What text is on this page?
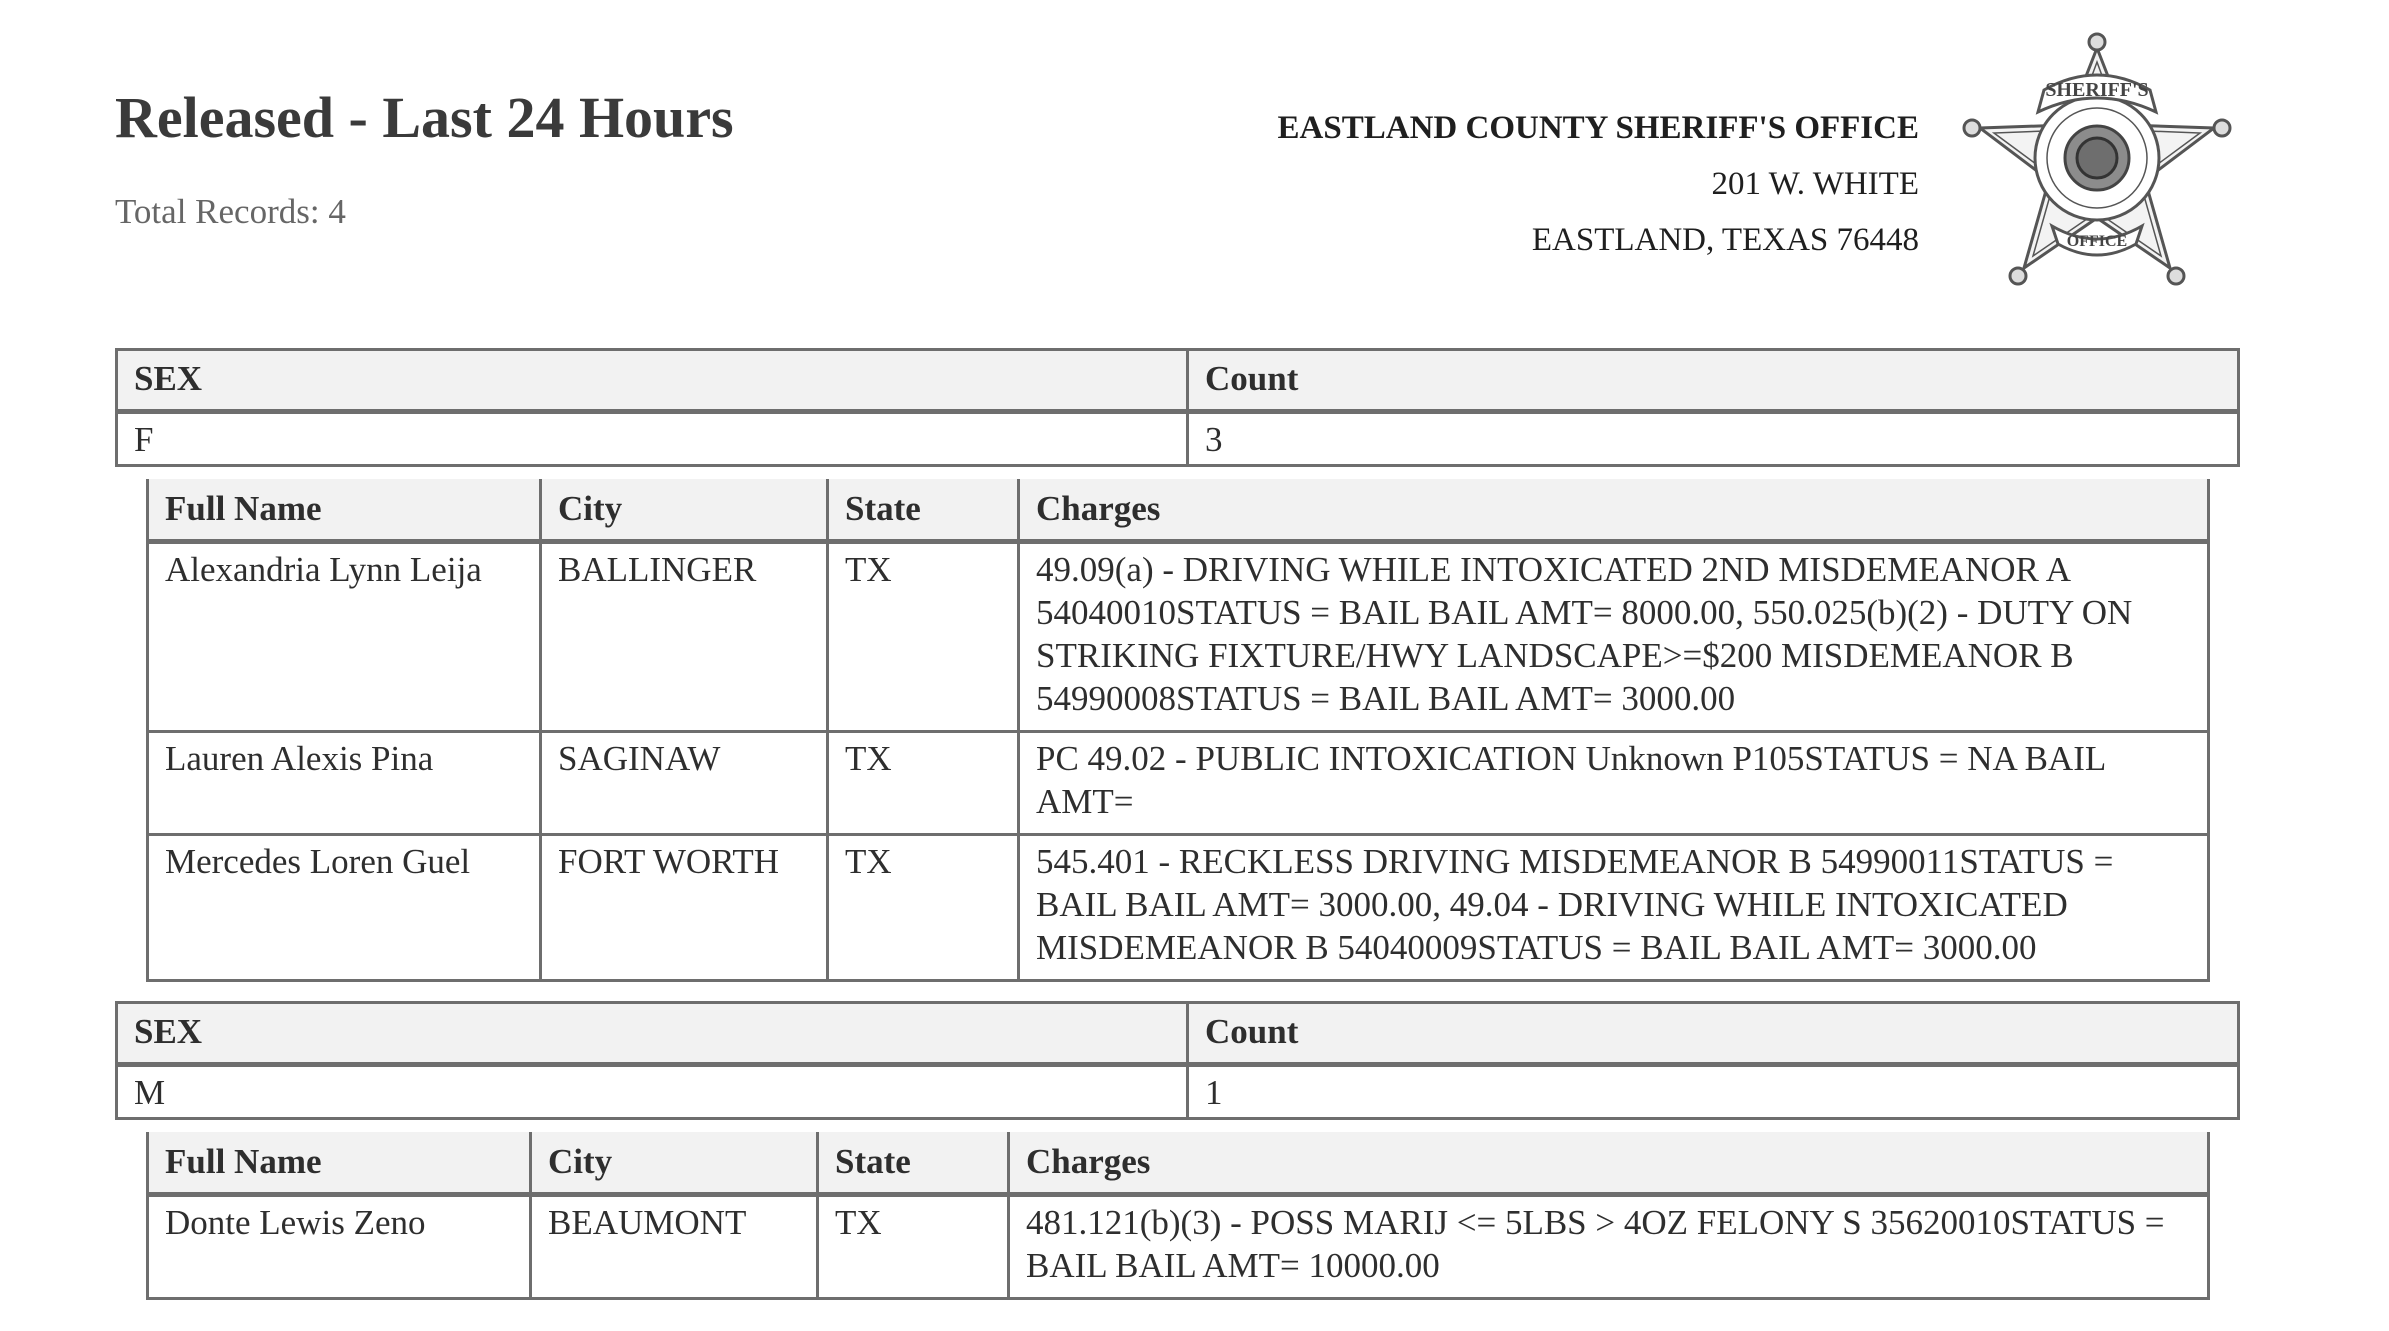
Released - Last 24 Hours
Total Records: 4
EASTLAND COUNTY SHERIFF'S OFFICE
201 W. WHITE
EASTLAND, TEXAS 76448
SHERIFF'S
OFFICE
SEX	Count
F	3
Full Name	City	State	Charges
Alexandria Lynn Leija	BALLINGER	TX	49.09(a) - DRIVING WHILE INTOXICATED 2ND MISDEMEANOR A 54040010STATUS = BAIL BAIL AMT= 8000.00, 550.025(b)(2) - DUTY ON STRIKING FIXTURE/HWY LANDSCAPE>=$200 MISDEMEANOR B 54990008STATUS = BAIL BAIL AMT= 3000.00
Lauren Alexis Pina	SAGINAW	TX	PC 49.02 - PUBLIC INTOXICATION Unknown P105STATUS = NA BAIL AMT=
Mercedes Loren Guel	FORT WORTH	TX	545.401 - RECKLESS DRIVING MISDEMEANOR B 54990011STATUS = BAIL BAIL AMT= 3000.00, 49.04 - DRIVING WHILE INTOXICATED MISDEMEANOR B 54040009STATUS = BAIL BAIL AMT= 3000.00
SEX	Count
M	1
Full Name	City	State	Charges
Donte Lewis Zeno	BEAUMONT	TX	481.121(b)(3) - POSS MARIJ <= 5LBS > 4OZ FELONY S 35620010STATUS = BAIL BAIL AMT= 10000.00
